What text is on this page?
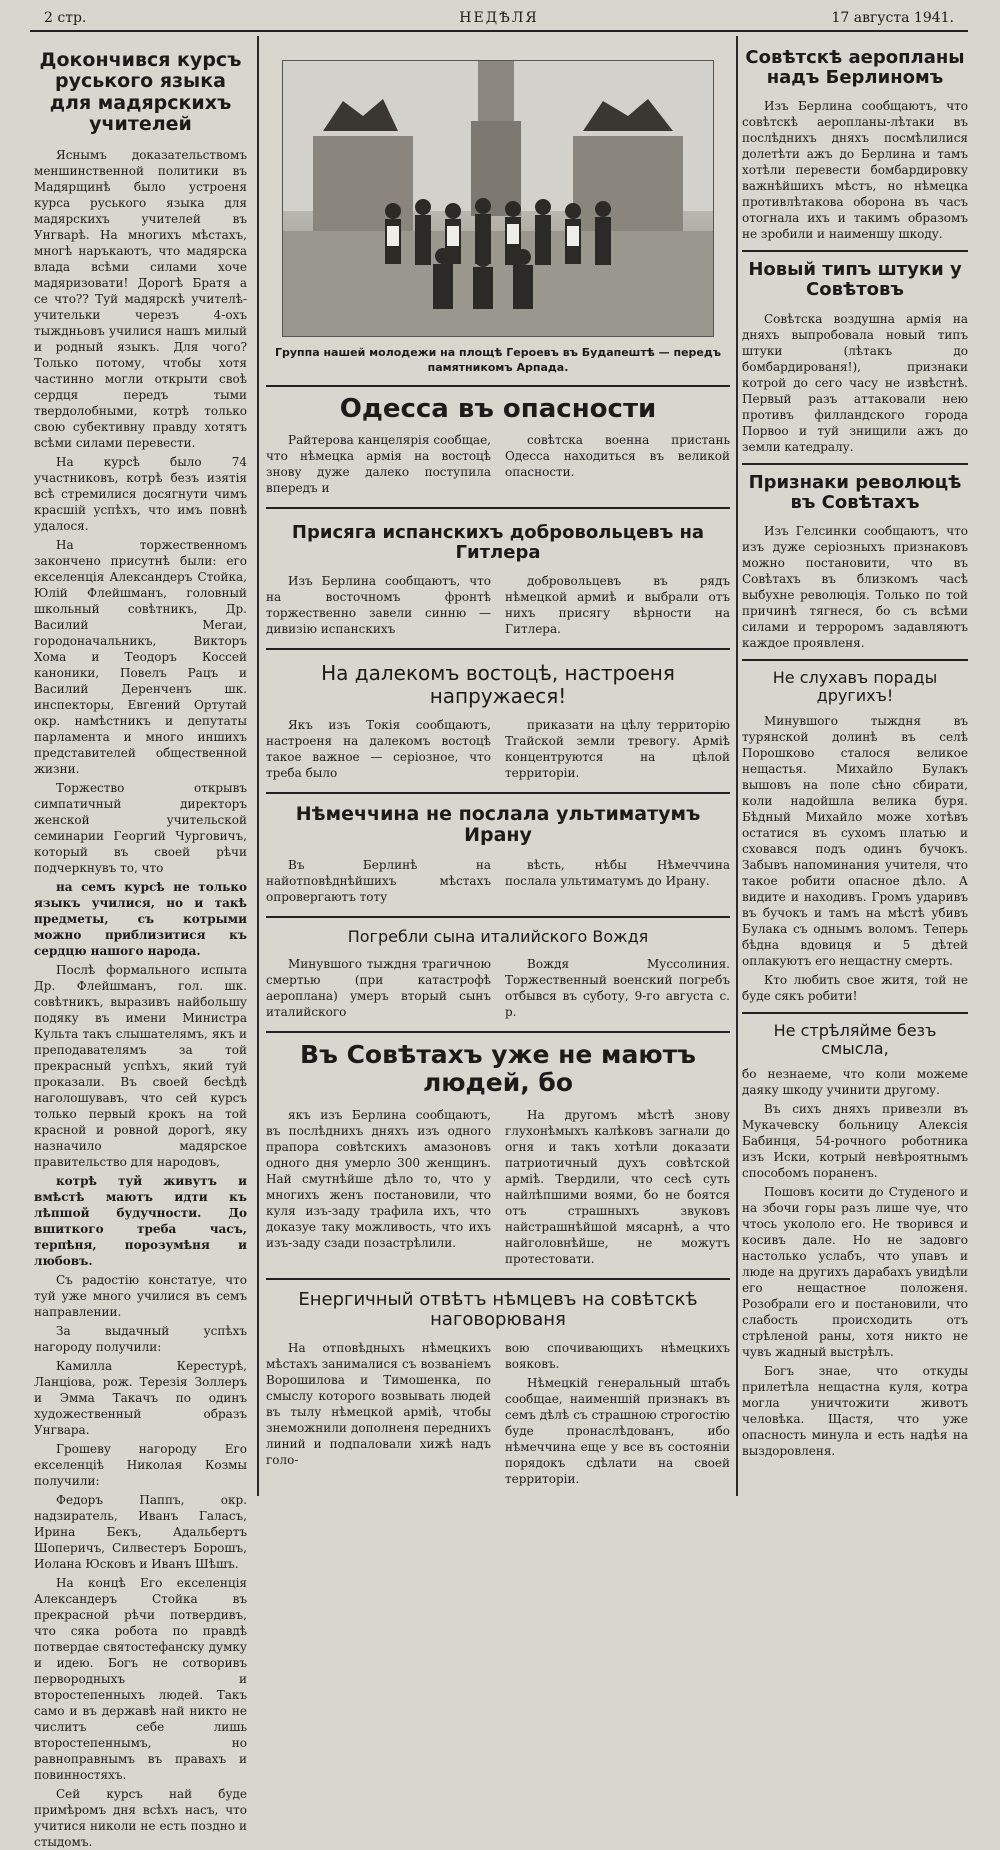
2 стр.	НЕДѢЛЯ	17 августа 1941.
Докончився курсъ руського языка для мадярскихъ учителей

Яснымъ доказательствомъ меншинственной политики въ Мадярщинѣ было устроеня курса руського языка для мадярскихъ учителей въ Унгварѣ. На многихъ мѣстахъ, многѣ наръкаютъ, что мадярска влада всѣми силами хоче мадяризовати! Дорогѣ Братя а се что?? Туй мадярскѣ учителѣ-учительки черезъ 4-охъ тыждньовъ училися нашъ милый и родный языкъ. Для чого? Только потому, чтобы хотя частинно могли открыти своѣ сердця передъ тыми твердолобными, котрѣ только свою субективну правду хотятъ всѣми силами перевести.

На курсѣ было 74 участниковъ, котрѣ безъ изятія всѣ стремилися досягнути чимъ красшій успѣхъ, что имъ повнѣ удалося.

На торжественномъ закончено присутнѣ были: его екселенція Александеръ Стойка, Юлій Флейшманъ, головный школьный совѣтникъ, Др. Василий Мегаи, городоначальникъ, Викторъ Хома и Теодоръ Коссей каноники, Повелъ Рацъ и Василий Деренченъ шк. инспекторы, Евгений Ортутай окр. намѣстникъ и депутаты парламента и много иншихъ представителей общественной жизни.

Торжество открывъ симпатичный директоръ женской учительской семинарии Георгий Чурговичъ, который въ своей рѣчи подчеркнувъ то, что

на семъ курсѣ не только языкъ училися, но и такѣ предметы, съ котрыми можно приблизитися къ сердцю нашого народа.

Послѣ формального испыта Др. Флейшманъ, гол. шк. совѣтникъ, выразивъ найбольшу подяку въ имени Министра Культа такъ слышателямъ, якъ и преподавателямъ за той прекрасный успѣхъ, який туй проказали. Въ своей бесѣдѣ наголошувавъ, что сей курсъ только первый крокъ на той красной и ровной дорогѣ, яку назначило мадярское правительство для народовъ,

котрѣ туй живутъ и вмѣстѣ маютъ идти къ лѣпшой будучности. До вшиткого треба часъ, терпѣня, порозумѣня и любовъ.

Съ радостію констатуе, что туй уже много училися въ семъ направлении.

За выдачный успѣхъ нагороду получили:

Камилла Керестурѣ, Ланціова, рож. Терезія Золлеръ и Эмма Такачъ по одинъ художественный образъ Унгвара.

Грошеву нагороду Его екселенціѣ Николая Козмы получили:

Федоръ Паппъ, окр. надзиратель, Иванъ Галасъ, Ирина Бекъ, Адальбертъ Шоперичъ, Силвестеръ Борошъ, Иолана Юсковъ и Иванъ Шѣшъ.

На концѣ Его екселенція Александеръ Стойка въ прекрасной рѣчи потвердивъ, что сяка робота по правдѣ потвердае святостефанску думку и идею. Богъ не сотворивъ первородныхъ и второстепенныхъ людей. Такъ само и въ державѣ най никто не числитъ себе лишь второстепеннымъ, но равноправнымъ въ правахъ и повинностяхъ.

Сей курсъ най буде примѣромъ дня всѣхъ насъ, что учитися николи не есть поздно и стыдомъ.

Группа нашей молодежи на площѣ Героевъ въ Будапештѣ — передъ памятникомъ Арпада.
Одесса въ опасности

Райтерова канцелярія сообщае, что нѣмецка армія на востоцѣ знову дуже далеко поступила впередъ и

совѣтска военна пристань Одесса находиться въ великой опасности.

Присяга испанскихъ добровольцевъ на Гитлера

Изъ Берлина сообщаютъ, что на восточномъ фронтѣ торжественно завели синню — дивизію испанскихъ

добровольцевъ въ рядъ нѣмецкой армиѣ и выбрали отъ нихъ присягу вѣрности на Гитлера.

На далекомъ востоцѣ, настроеня напружаеся!

Якъ изъ Токія сообщаютъ, настроеня на далекомъ востоцѣ такое важное — серіозное, что треба было

приказати на цѣлу территорію Тгайской земли тревогу. Арміѣ концентруются на цѣлой территоріи.

Нѣмеччина не послала ультиматумъ Ирану

Въ Берлинѣ на найотповѣднѣйшихъ мѣстахъ опровергаютъ тоту

вѣсть, нѣбы Нѣмеччина послала ультиматумъ до Ирану.

Погребли сына италийского Вождя

Минувшого тыждня трагичною смертью (при катастрофѣ аероплана) умеръ вторый сынъ италийского

Вождя Муссолиния. Торжественный военский погребъ отбывся въ суботу, 9-го августа с. р.

Въ Совѣтахъ уже не маютъ людей, бо

якъ изъ Берлина сообщаютъ, въ послѣднихъ дняхъ изъ одного прапора совѣтскихъ амазоновъ одного дня умерло 300 женщинъ. Най смутнѣйше дѣло то, что у многихъ женъ постановили, что куля изъ-заду трафила ихъ, что доказуе таку можливость, что ихъ изъ-заду сзади позастрѣлили.

На другомъ мѣстѣ знову глухонѣмыхъ калѣковъ загнали до огня и такъ хотѣли доказати патриотичный духъ совѣтской арміѣ. Твердили, что сесѣ суть найлѣпшими воями, бо не боятся отъ страшныхъ звуковъ найстрашнѣйшой мясарнѣ, а что найголовнѣйше, не можутъ протестовати.

Енергичный отвѣтъ нѣмцевъ на совѣтскѣ наговорюваня

На отповѣдныхъ нѣмецкихъ мѣстахъ занималися съ возваніемъ Ворошилова и Тимошенка, по смыслу которого возвывать людей въ тылу нѣмецкой арміѣ, чтобы знеможнили дополненя переднихъ линий и подпаловали хижѣ надъ голо-

вою спочивающихъ нѣмецкихъ вояковъ.

Нѣмецкій генеральный штабъ сообщае, наименшій признакъ въ семъ дѣлѣ съ страшною строгостію буде пронаслѣдованъ, ибо нѣмеччина еще у все въ состояніи порядокъ сдѣлати на своей территоріи.

Совѣтскѣ аеропланы надъ Берлиномъ

Изъ Берлина сообщаютъ, что совѣтскѣ аеропланы-лѣтаки въ послѣднихъ дняхъ посмѣлилися долетѣти ажъ до Берлина и тамъ хотѣли перевести бомбардировку важнѣйшихъ мѣстъ, но нѣмецка противлѣтакова оборона въ часъ отогнала ихъ и такимъ образомъ не зробили и наименшу шкоду.

Новый типъ штуки у Совѣтовъ

Совѣтска воздушна армія на дняхъ выпробовала новый типъ штуки (лѣтакъ до бомбардированя!), признаки котрой до сего часу не извѣстнѣ. Первый разъ аттаковали нею противъ филландского города Порвоо и туй знищили ажъ до земли катедралу.

Признаки революцѣ въ Совѣтахъ

Изъ Гелсинки сообщаютъ, что изъ дуже серіозныхъ признаковъ можно постановити, что въ Совѣтахъ въ близкомъ часѣ выбухне революція. Только по той причинѣ тягнеся, бо съ всѣми силами и терроромъ задавляютъ каждое проявленя.

Не слухавъ порады другихъ!

Минувшого тыждня въ турянской долинѣ въ селѣ Порошково сталося великое нещастья. Михайло Булакъ вышовъ на поле сѣно сбирати, коли надойшла велика буря. Бѣдный Михайло може хотѣвъ остатися въ сухомъ платью и сховався подъ одинъ бучокъ. Забывъ напоминания учителя, что такое робити опасное дѣло. А видите и находивъ. Громъ ударивъ въ бучокъ и тамъ на мѣстѣ убивъ Булака съ однымъ воломъ. Теперь бѣдна вдовиця и 5 дѣтей оплакуютъ его нещастну смерть.

Кто любить свое житя, той не буде сякъ робити!

Не стрѣляйме безъ смысла,

бо незнаеме, что коли можеме даяку шкоду учинити другому.

Въ сихъ дняхъ привезли въ Мукачевску больницу Алексія Бабинця, 54-рочного роботника изъ Иски, котрый невѣроятнымъ способомъ пораненъ.

Пошовъ косити до Студеного и на збочи горы разъ лише чуе, что чтось укололо его. Не творився и косивъ дале. Но не задовго настолько услабъ, что упавъ и люде на другихъ дарабахъ увидѣли его нещастное положеня. Розобрали его и постановили, что слабость происходить отъ стрѣленой раны, хотя никто не чувъ жадный выстрѣлъ.

Богъ знае, что откуды прилетѣла нещастна куля, котра могла уничтожити животъ человѣка. Щастя, что уже опасность минула и есть надѣя на выздоровленя.
